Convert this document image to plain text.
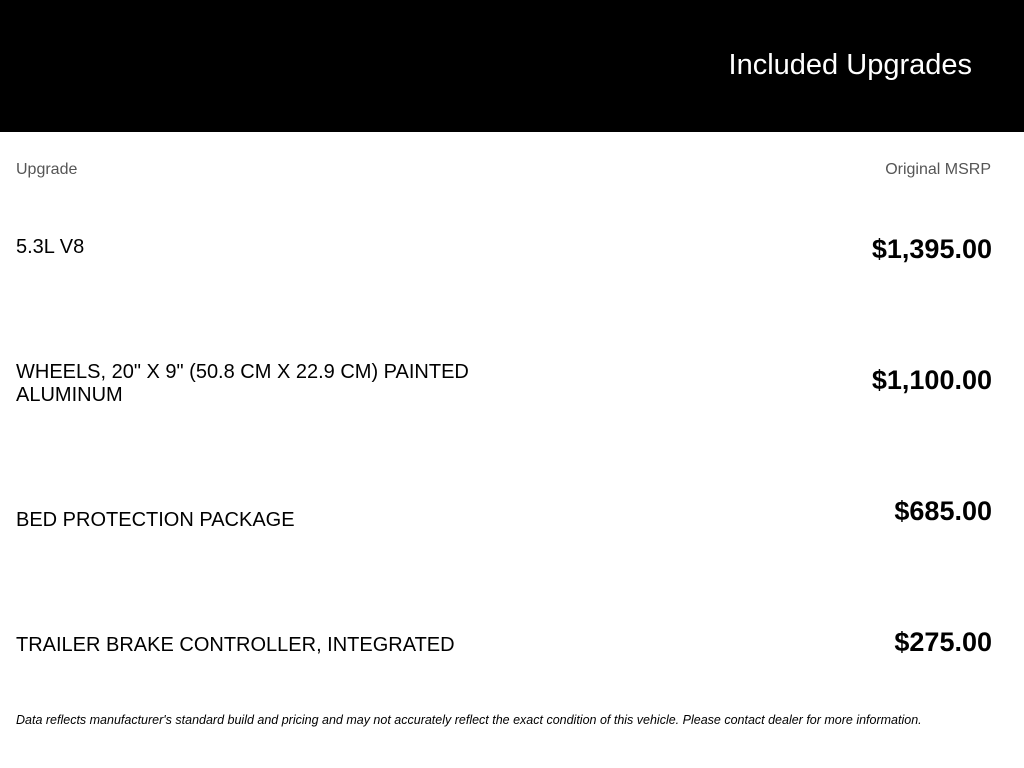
Included Upgrades
Upgrade	Original MSRP
5.3L V8	$1,395.00
WHEELS, 20" X 9" (50.8 CM X 22.9 CM) PAINTED ALUMINUM	$1,100.00
BED PROTECTION PACKAGE	$685.00
TRAILER BRAKE CONTROLLER, INTEGRATED	$275.00
Data reflects manufacturer's standard build and pricing and may not accurately reflect the exact condition of this vehicle. Please contact dealer for more information.
